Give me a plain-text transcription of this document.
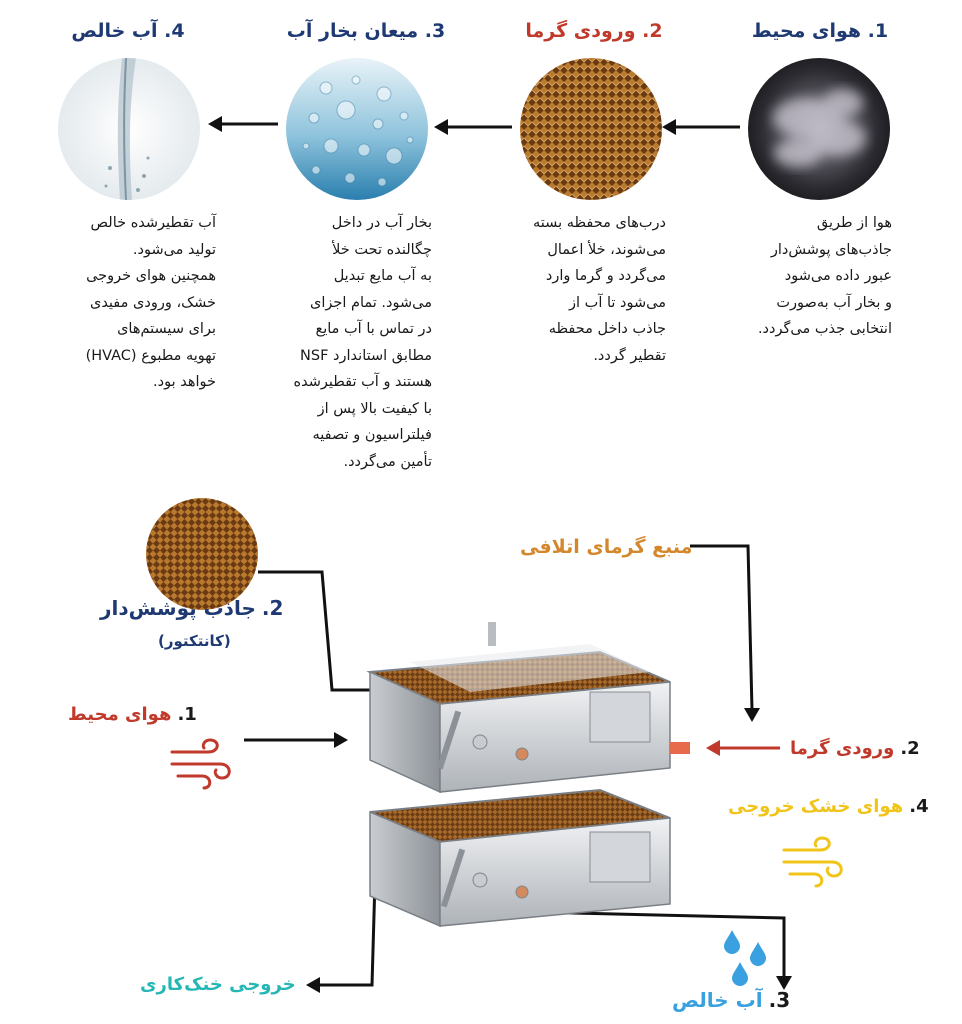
1. هوای محیط
هوا از طریق
جاذب‌های پوشش‌دار
عبور داده می‌شود
و بخار آب به‌صورت
انتخابی جذب می‌گردد.
2. ورودی گرما
درب‌های محفظه بسته
می‌شوند، خلأ اعمال
می‌گردد و گرما وارد
می‌شود تا آب از
جاذب داخل محفظه
تقطیر گردد.
3. میعان بخار آب
بخار آب در داخل
چگالنده تحت خلأ
به آب مایع تبدیل
می‌شود. تمام اجزای
در تماس با آب مایع
مطابق استاندارد NSF
هستند و آب تقطیرشده
با کیفیت بالا پس از
فیلتراسیون و تصفیه
تأمین می‌گردد.
4. آب خالص
آب تقطیرشده خالص
تولید می‌شود.
همچنین هوای خروجی
خشک، ورودی مفیدی
برای سیستم‌های
تهویه مطبوع (HVAC)
خواهد بود.
2.جاذب پوشش‌دار
(کانتکتور)
منبع گرمای اتلافی
1.هوای محیط
2.ورودی گرما
4.هوای خشک خروجی
خروجی خنک‌کاری
3.آب خالص
